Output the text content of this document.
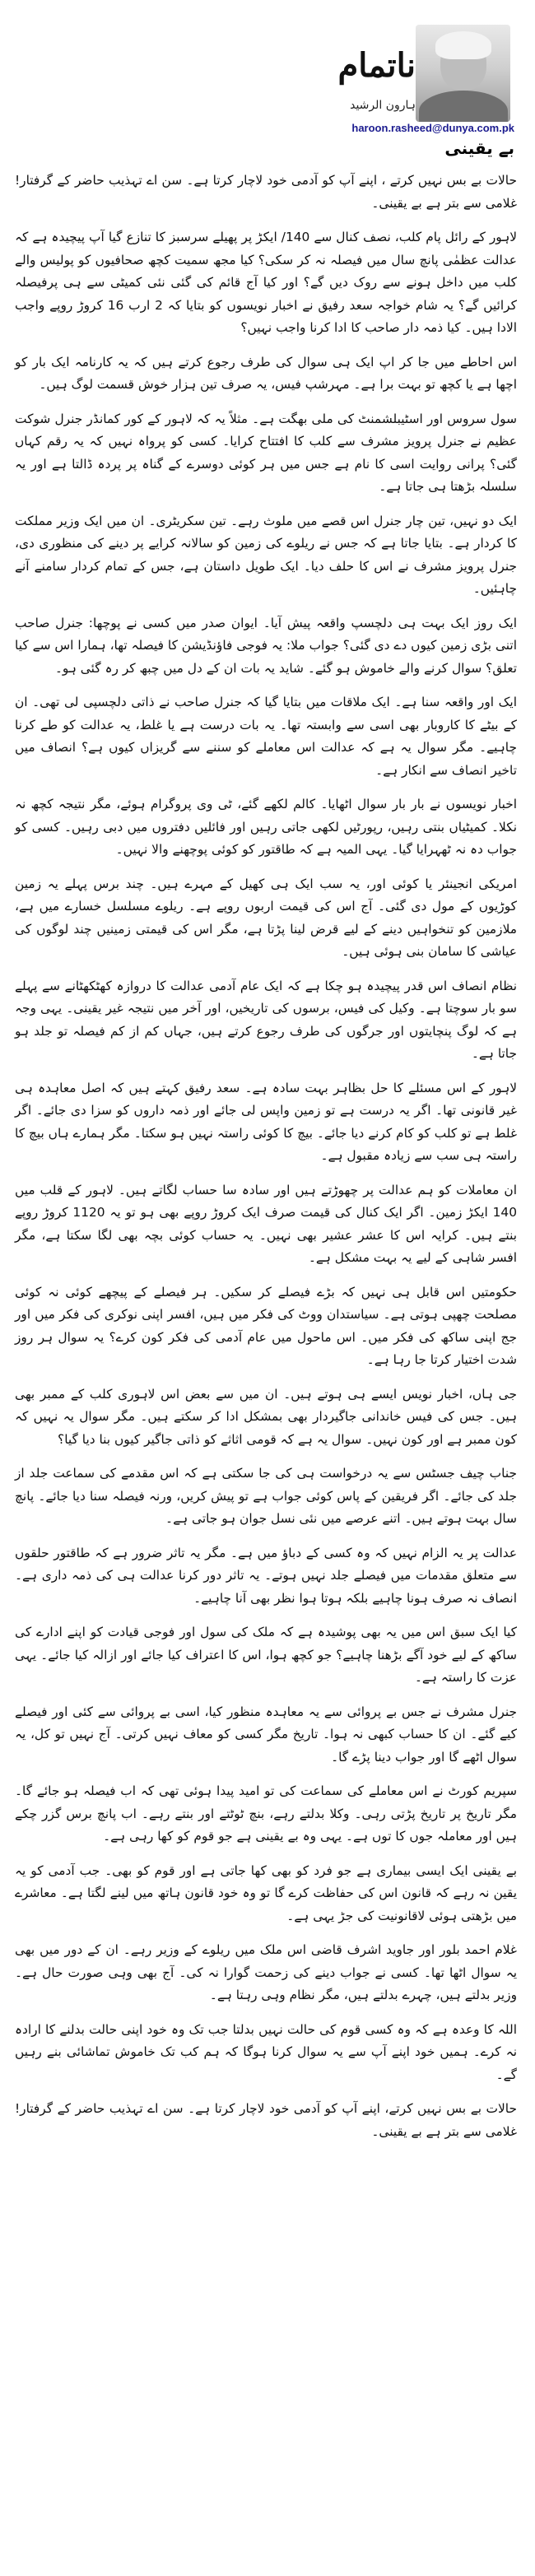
ناتمام
ہارون الرشید
haroon.rasheed@dunya.com.pk
بے یقینی

حالات بے بس نہیں کرتے ، اپنے آپ کو آدمی خود لاچار کرتا ہے۔ سن اے تہذیب حاضر کے گرفتار! غلامی سے بتر ہے بے یقینی۔

لاہور کے رائل پام کلب، نصف کنال سے 140/ ایکڑ پر پھیلے سرسبز کا تنازع گیا آپ پیچیدہ ہے کہ عدالت عظمٰی پانچ سال میں فیصلہ نہ کر سکی؟ کیا مجھ سمیت کچھ صحافیوں کو پولیس والے کلب میں داخل ہونے سے روک دیں گے؟ اور کیا آج قائم کی گئی نئی کمیٹی سے ہی پرفیصلہ کرائیں گے؟ یہ شام خواجہ سعد رفیق نے اخبار نویسوں کو بتایا کہ 2 ارب 16 کروڑ روپے واجب الادا ہیں۔ کیا ذمہ دار صاحب کا ادا کرنا واجب نہیں؟

اس احاطے میں جا کر اپ ایک ہی سوال کی طرف رجوع کرتے ہیں کہ یہ کارنامہ ایک بار کو اچھا ہے یا کچھ تو بہت برا ہے۔ مہرشپ فیس، یہ صرف تین ہزار خوش قسمت لوگ ہیں۔

سول سروس اور اسٹیبلشمنٹ کی ملی بھگت ہے۔ مثلاً یہ کہ لاہور کے کور کمانڈر جنرل شوکت عظیم نے جنرل پرویز مشرف سے کلب کا افتتاح کرایا۔ کسی کو پرواہ نہیں کہ یہ رقم کہاں گئی؟ پرانی روایت اسی کا نام ہے جس میں ہر کوئی دوسرے کے گناہ پر پردہ ڈالتا ہے اور یہ سلسلہ بڑھتا ہی جاتا ہے۔

ایک دو نہیں، تین چار جنرل اس قصے میں ملوث رہے۔ تین سکریٹری۔ ان میں ایک وزیر مملکت کا کردار ہے۔ بتایا جاتا ہے کہ جس نے ریلوے کی زمین کو سالانہ کرایے پر دینے کی منظوری دی، جنرل پرویز مشرف نے اس کا حلف دیا۔ ایک طویل داستان ہے، جس کے تمام کردار سامنے آنے چاہئیں۔

ایک روز ایک بہت ہی دلچسپ واقعہ پیش آیا۔ ایوان صدر میں کسی نے پوچھا: جنرل صاحب اتنی بڑی زمین کیوں دے دی گئی؟ جواب ملا: یہ فوجی فاؤنڈیشن کا فیصلہ تھا، ہمارا اس سے کیا تعلق؟ سوال کرنے والے خاموش ہو گئے۔ شاید یہ بات ان کے دل میں چبھ کر رہ گئی ہو۔

ایک اور واقعہ سنا ہے۔ ایک ملاقات میں بتایا گیا کہ جنرل صاحب نے ذاتی دلچسپی لی تھی۔ ان کے بیٹے کا کاروبار بھی اسی سے وابستہ تھا۔ یہ بات درست ہے یا غلط، یہ عدالت کو طے کرنا چاہیے۔ مگر سوال یہ ہے کہ عدالت اس معاملے کو سننے سے گریزاں کیوں ہے؟ انصاف میں تاخیر انصاف سے انکار ہے۔

اخبار نویسوں نے بار بار سوال اٹھایا۔ کالم لکھے گئے، ٹی وی پروگرام ہوئے، مگر نتیجہ کچھ نہ نکلا۔ کمیٹیاں بنتی رہیں، رپورٹیں لکھی جاتی رہیں اور فائلیں دفتروں میں دبی رہیں۔ کسی کو جواب دہ نہ ٹھہرایا گیا۔ یہی المیہ ہے کہ طاقتور کو کوئی پوچھنے والا نہیں۔

امریکی انجینئر یا کوئی اور، یہ سب ایک ہی کھیل کے مہرے ہیں۔ چند برس پہلے یہ زمین کوڑیوں کے مول دی گئی۔ آج اس کی قیمت اربوں روپے ہے۔ ریلوے مسلسل خسارے میں ہے، ملازمین کو تنخواہیں دینے کے لیے قرض لینا پڑتا ہے، مگر اس کی قیمتی زمینیں چند لوگوں کی عیاشی کا سامان بنی ہوئی ہیں۔

نظام انصاف اس قدر پیچیدہ ہو چکا ہے کہ ایک عام آدمی عدالت کا دروازہ کھٹکھٹانے سے پہلے سو بار سوچتا ہے۔ وکیل کی فیس، برسوں کی تاریخیں، اور آخر میں نتیجہ غیر یقینی۔ یہی وجہ ہے کہ لوگ پنچایتوں اور جرگوں کی طرف رجوع کرتے ہیں، جہاں کم از کم فیصلہ تو جلد ہو جاتا ہے۔

لاہور کے اس مسئلے کا حل بظاہر بہت سادہ ہے۔ سعد رفیق کہتے ہیں کہ اصل معاہدہ ہی غیر قانونی تھا۔ اگر یہ درست ہے تو زمین واپس لی جائے اور ذمہ داروں کو سزا دی جائے۔ اگر غلط ہے تو کلب کو کام کرنے دیا جائے۔ بیچ کا کوئی راستہ نہیں ہو سکتا۔ مگر ہمارے ہاں بیچ کا راستہ ہی سب سے زیادہ مقبول ہے۔

ان معاملات کو ہم عدالت پر چھوڑتے ہیں اور سادہ سا حساب لگاتے ہیں۔ لاہور کے قلب میں 140 ایکڑ زمین۔ اگر ایک کنال کی قیمت صرف ایک کروڑ روپے بھی ہو تو یہ 1120 کروڑ روپے بنتے ہیں۔ کرایہ اس کا عشر عشیر بھی نہیں۔ یہ حساب کوئی بچہ بھی لگا سکتا ہے، مگر افسر شاہی کے لیے یہ بہت مشکل ہے۔

حکومتیں اس قابل ہی نہیں کہ بڑے فیصلے کر سکیں۔ ہر فیصلے کے پیچھے کوئی نہ کوئی مصلحت چھپی ہوتی ہے۔ سیاستدان ووٹ کی فکر میں ہیں، افسر اپنی نوکری کی فکر میں اور جج اپنی ساکھ کی فکر میں۔ اس ماحول میں عام آدمی کی فکر کون کرے؟ یہ سوال ہر روز شدت اختیار کرتا جا رہا ہے۔

جی ہاں، اخبار نویس ایسے ہی ہوتے ہیں۔ ان میں سے بعض اس لاہوری کلب کے ممبر بھی ہیں۔ جس کی فیس خاندانی جاگیردار بھی بمشکل ادا کر سکتے ہیں۔ مگر سوال یہ نہیں کہ کون ممبر ہے اور کون نہیں۔ سوال یہ ہے کہ قومی اثاثے کو ذاتی جاگیر کیوں بنا دیا گیا؟

جناب چیف جسٹس سے یہ درخواست ہی کی جا سکتی ہے کہ اس مقدمے کی سماعت جلد از جلد کی جائے۔ اگر فریقین کے پاس کوئی جواب ہے تو پیش کریں، ورنہ فیصلہ سنا دیا جائے۔ پانچ سال بہت ہوتے ہیں۔ اتنے عرصے میں نئی نسل جوان ہو جاتی ہے۔

عدالت پر یہ الزام نہیں کہ وہ کسی کے دباؤ میں ہے۔ مگر یہ تاثر ضرور ہے کہ طاقتور حلقوں سے متعلق مقدمات میں فیصلے جلد نہیں ہوتے۔ یہ تاثر دور کرنا عدالت ہی کی ذمہ داری ہے۔ انصاف نہ صرف ہونا چاہیے بلکہ ہوتا ہوا نظر بھی آنا چاہیے۔

کیا ایک سبق اس میں یہ بھی پوشیدہ ہے کہ ملک کی سول اور فوجی قیادت کو اپنے ادارے کی ساکھ کے لیے خود آگے بڑھنا چاہیے؟ جو کچھ ہوا، اس کا اعتراف کیا جائے اور ازالہ کیا جائے۔ یہی عزت کا راستہ ہے۔

جنرل مشرف نے جس بے پروائی سے یہ معاہدہ منظور کیا، اسی بے پروائی سے کئی اور فیصلے کیے گئے۔ ان کا حساب کبھی نہ ہوا۔ تاریخ مگر کسی کو معاف نہیں کرتی۔ آج نہیں تو کل، یہ سوال اٹھے گا اور جواب دینا پڑے گا۔

سپریم کورٹ نے اس معاملے کی سماعت کی تو امید پیدا ہوئی تھی کہ اب فیصلہ ہو جائے گا۔ مگر تاریخ پر تاریخ پڑتی رہی۔ وکلا بدلتے رہے، بنچ ٹوٹتے اور بنتے رہے۔ اب پانچ برس گزر چکے ہیں اور معاملہ جوں کا توں ہے۔ یہی وہ بے یقینی ہے جو قوم کو کھا رہی ہے۔

بے یقینی ایک ایسی بیماری ہے جو فرد کو بھی کھا جاتی ہے اور قوم کو بھی۔ جب آدمی کو یہ یقین نہ رہے کہ قانون اس کی حفاظت کرے گا تو وہ خود قانون ہاتھ میں لینے لگتا ہے۔ معاشرے میں بڑھتی ہوئی لاقانونیت کی جڑ یہی ہے۔

غلام احمد بلور اور جاوید اشرف قاضی اس ملک میں ریلوے کے وزیر رہے۔ ان کے دور میں بھی یہ سوال اٹھا تھا۔ کسی نے جواب دینے کی زحمت گوارا نہ کی۔ آج بھی وہی صورت حال ہے۔ وزیر بدلتے ہیں، چہرے بدلتے ہیں، مگر نظام وہی رہتا ہے۔

اللہ کا وعدہ ہے کہ وہ کسی قوم کی حالت نہیں بدلتا جب تک وہ خود اپنی حالت بدلنے کا ارادہ نہ کرے۔ ہمیں خود اپنے آپ سے یہ سوال کرنا ہوگا کہ ہم کب تک خاموش تماشائی بنے رہیں گے۔

حالات بے بس نہیں کرتے، اپنے آپ کو آدمی خود لاچار کرتا ہے۔ سن اے تہذیب حاضر کے گرفتار! غلامی سے بتر ہے بے یقینی۔
